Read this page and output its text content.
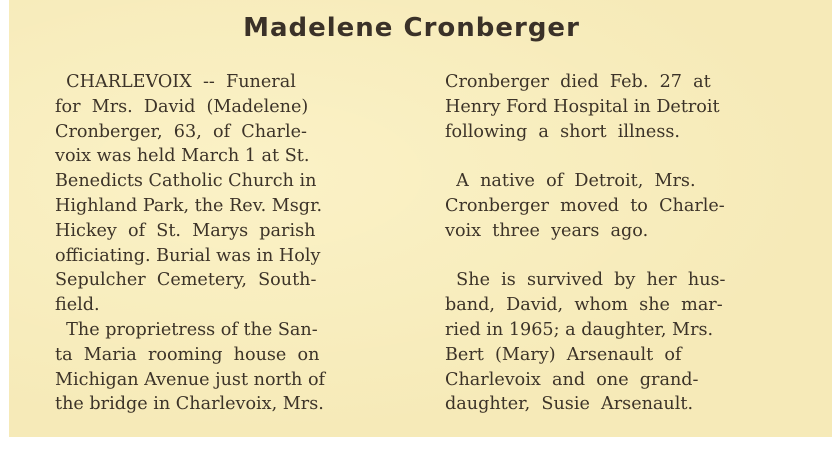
Madelene Cronberger
CHARLEVOIX  --  Funeral
for  Mrs.  David  (Madelene)
Cronberger,  63,  of  Charle-
voix was held March 1 at St.
Benedicts Catholic Church in
Highland Park, the Rev. Msgr.
Hickey  of  St.  Marys  parish
officiating. Burial was in Holy
Sepulcher  Cemetery,  South-
field.
The proprietress of the San-
ta  Maria  rooming  house  on
Michigan Avenue just north of
the bridge in Charlevoix, Mrs.
Cronberger  died  Feb.  27  at
Henry Ford Hospital in Detroit
following  a  short  illness.
A  native  of  Detroit,  Mrs.
Cronberger  moved  to  Charle-
voix  three  years  ago.
She  is  survived  by  her  hus-
band,  David,  whom  she  mar-
ried in 1965; a daughter, Mrs.
Bert  (Mary)  Arsenault  of
Charlevoix  and  one  grand-
daughter,  Susie  Arsenault.
